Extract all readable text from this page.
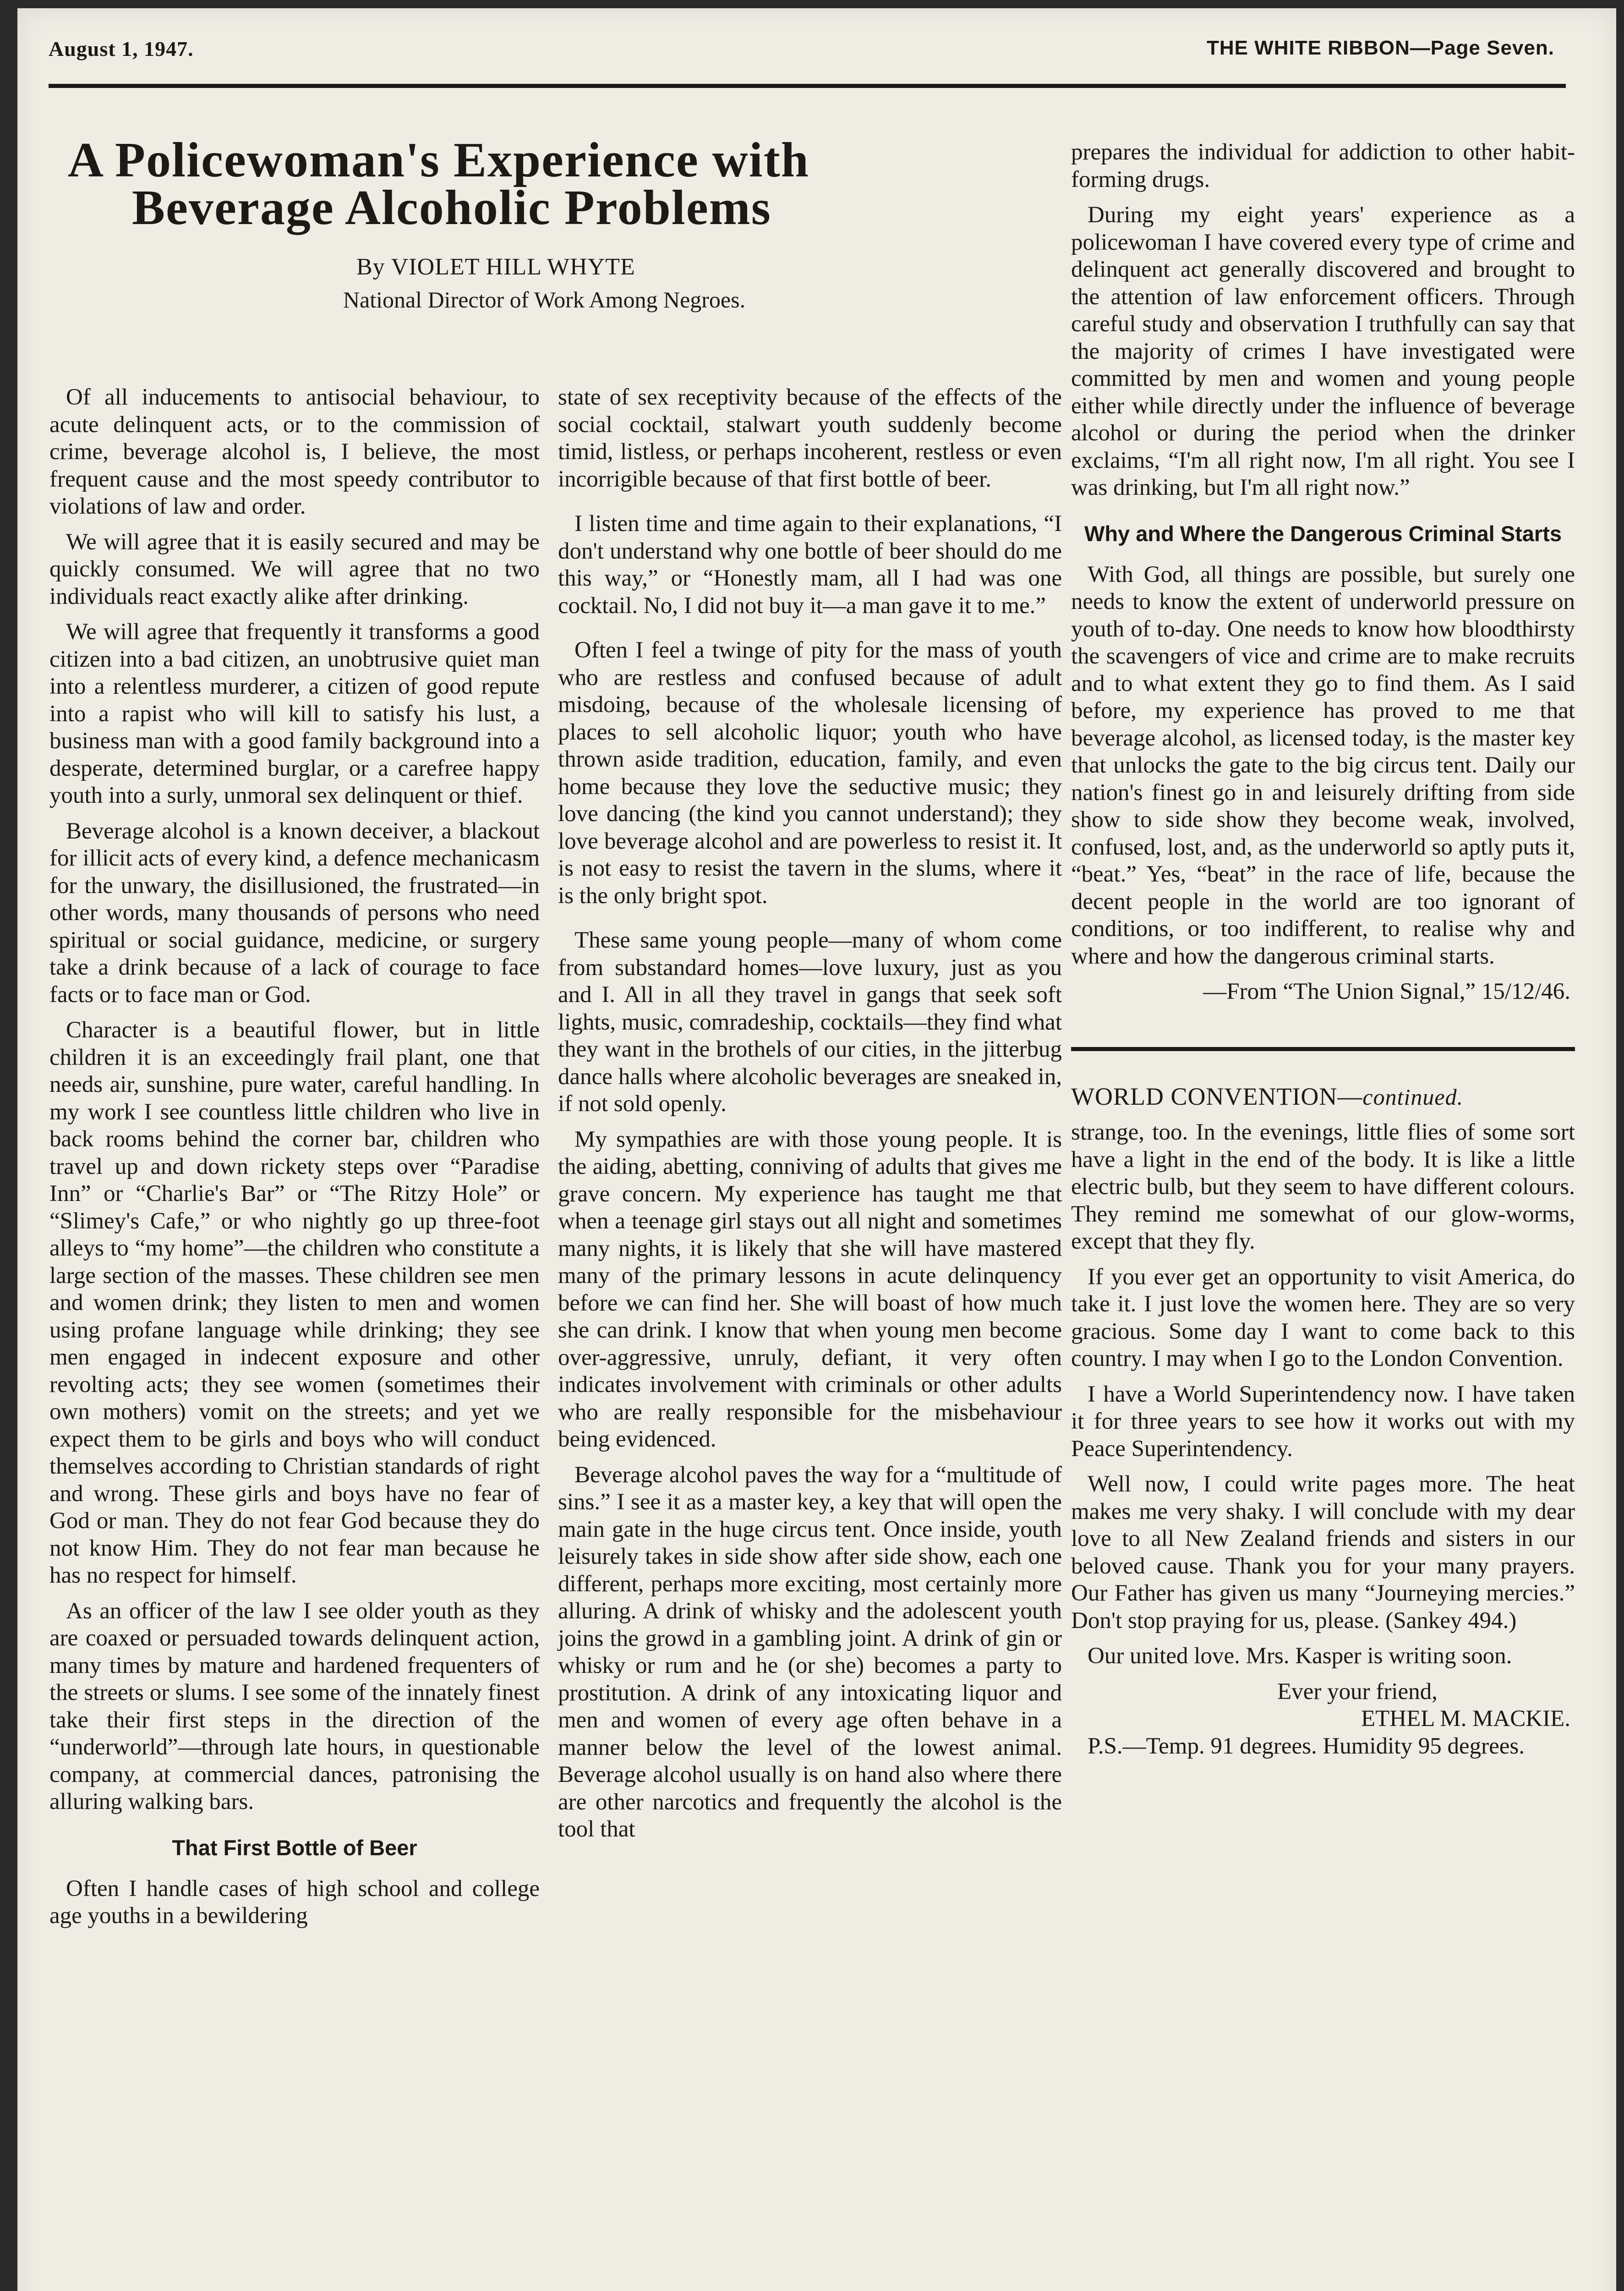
August 1, 1947.	THE WHITE RIBBON—Page Seven.
A Policewoman's Experience with
Beverage Alcoholic Problems
By VIOLET HILL WHYTE
National Director of Work Among Negroes.

Of all inducements to antisocial behaviour, to acute delinquent acts, or to the commission of crime, beverage alcohol is, I believe, the most frequent cause and the most speedy contributor to violations of law and order.

We will agree that it is easily secured and may be quickly consumed. We will agree that no two individuals react exactly alike after drinking.

We will agree that frequently it transforms a good citizen into a bad citizen, an unobtrusive quiet man into a relentless murderer, a citizen of good repute into a rapist who will kill to satisfy his lust, a business man with a good family background into a desperate, determined burglar, or a carefree happy youth into a surly, unmoral sex delinquent or thief.

Beverage alcohol is a known deceiver, a blackout for illicit acts of every kind, a defence mechanicasm for the unwary, the disillusioned, the frustrated—in other words, many thousands of persons who need spiritual or social guidance, medicine, or surgery take a drink because of a lack of courage to face facts or to face man or God.

Character is a beautiful flower, but in little children it is an exceedingly frail plant, one that needs air, sunshine, pure water, careful handling. In my work I see countless little children who live in back rooms behind the corner bar, children who travel up and down rickety steps over “Paradise Inn” or “Charlie's Bar” or “The Ritzy Hole” or “Slimey's Cafe,” or who nightly go up three-foot alleys to “my home”—the children who constitute a large section of the masses. These children see men and women drink; they listen to men and women using profane language while drinking; they see men engaged in indecent exposure and other revolting acts; they see women (sometimes their own mothers) vomit on the streets; and yet we expect them to be girls and boys who will conduct themselves according to Christian standards of right and wrong. These girls and boys have no fear of God or man. They do not fear God because they do not know Him. They do not fear man because he has no respect for himself.

As an officer of the law I see older youth as they are coaxed or persuaded towards delinquent action, many times by mature and hardened frequenters of the streets or slums. I see some of the innately finest take their first steps in the direction of the “underworld”—through late hours, in questionable company, at commercial dances, patronising the alluring walking bars.

That First Bottle of Beer

Often I handle cases of high school and college age youths in a bewildering

state of sex receptivity because of the effects of the social cocktail, stalwart youth suddenly become timid, listless, or perhaps incoherent, restless or even incorrigible because of that first bottle of beer.

I listen time and time again to their explanations, “I don't understand why one bottle of beer should do me this way,” or “Honestly mam, all I had was one cocktail. No, I did not buy it—a man gave it to me.”

Often I feel a twinge of pity for the mass of youth who are restless and confused because of adult misdoing, because of the wholesale licensing of places to sell alcoholic liquor; youth who have thrown aside tradition, education, family, and even home because they love the seductive music; they love dancing (the kind you cannot understand); they love beverage alcohol and are powerless to resist it. It is not easy to resist the tavern in the slums, where it is the only bright spot.

These same young people—many of whom come from substandard homes—love luxury, just as you and I. All in all they travel in gangs that seek soft lights, music, comradeship, cocktails—they find what they want in the brothels of our cities, in the jitterbug dance halls where alcoholic beverages are sneaked in, if not sold openly.

My sympathies are with those young people. It is the aiding, abetting, conniving of adults that gives me grave concern. My experience has taught me that when a teenage girl stays out all night and sometimes many nights, it is likely that she will have mastered many of the primary lessons in acute delinquency before we can find her. She will boast of how much she can drink. I know that when young men become over-aggressive, unruly, defiant, it very often indicates involvement with criminals or other adults who are really responsible for the misbehaviour being evidenced.

Beverage alcohol paves the way for a “multitude of sins.” I see it as a master key, a key that will open the main gate in the huge circus tent. Once inside, youth leisurely takes in side show after side show, each one different, perhaps more exciting, most certainly more alluring. A drink of whisky and the adolescent youth joins the growd in a gambling joint. A drink of gin or whisky or rum and he (or she) becomes a party to prostitution. A drink of any intoxicating liquor and men and women of every age often behave in a manner below the level of the lowest animal. Beverage alcohol usually is on hand also where there are other narcotics and frequently the alcohol is the tool that

prepares the individual for addiction to other habit-forming drugs.

During my eight years' experience as a policewoman I have covered every type of crime and delinquent act generally discovered and brought to the attention of law enforcement officers. Through careful study and observation I truthfully can say that the majority of crimes I have investigated were committed by men and women and young people either while directly under the influence of beverage alcohol or during the period when the drinker exclaims, “I'm all right now, I'm all right. You see I was drinking, but I'm all right now.”

Why and Where the Dangerous Criminal Starts

With God, all things are possible, but surely one needs to know the extent of underworld pressure on youth of to-day. One needs to know how bloodthirsty the scavengers of vice and crime are to make recruits and to what extent they go to find them. As I said before, my experience has proved to me that beverage alcohol, as licensed today, is the master key that unlocks the gate to the big circus tent. Daily our nation's finest go in and leisurely drifting from side show to side show they become weak, involved, confused, lost, and, as the underworld so aptly puts it, “beat.” Yes, “beat” in the race of life, because the decent people in the world are too ignorant of conditions, or too indifferent, to realise why and where and how the dangerous criminal starts.

—From “The Union Signal,” 15/12/46.

WORLD CONVENTION—continued.

strange, too. In the evenings, little flies of some sort have a light in the end of the body. It is like a little electric bulb, but they seem to have different colours. They remind me somewhat of our glow-worms, except that they fly.

If you ever get an opportunity to visit America, do take it. I just love the women here. They are so very gracious. Some day I want to come back to this country. I may when I go to the London Convention.

I have a World Superintendency now. I have taken it for three years to see how it works out with my Peace Superintendency.

Well now, I could write pages more. The heat makes me very shaky. I will conclude with my dear love to all New Zealand friends and sisters in our beloved cause. Thank you for your many prayers. Our Father has given us many “Journeying mercies.” Don't stop praying for us, please. (Sankey 494.)

Our united love. Mrs. Kasper is writing soon.

Ever your friend,

ETHEL M. MACKIE.

P.S.—Temp. 91 degrees. Humidity 95 degrees.
